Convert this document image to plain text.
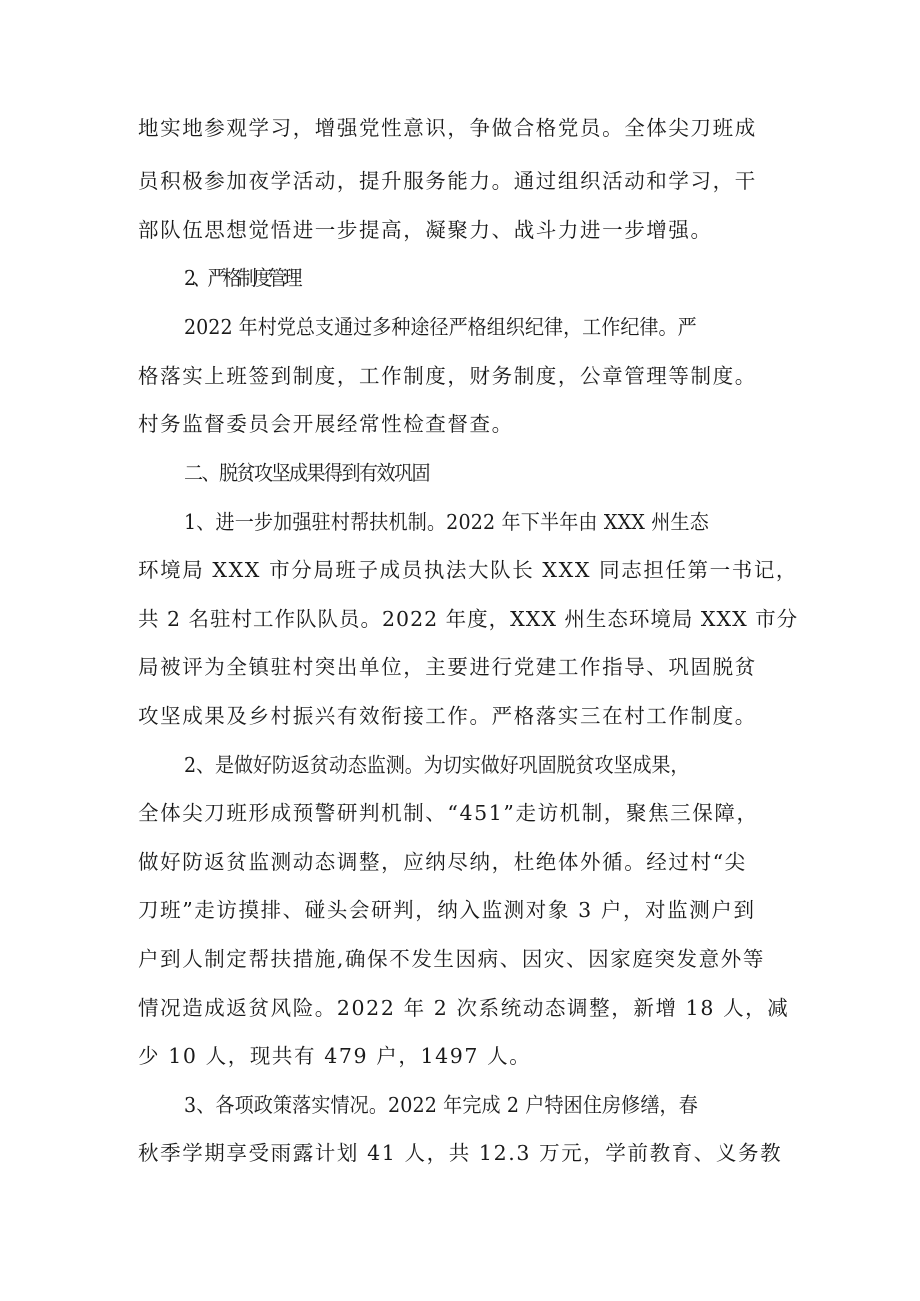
地实地参观学习，增强党性意识，争做合格党员。全体尖刀班成
员积极参加夜学活动，提升服务能力。通过组织活动和学习，干
部队伍思想觉悟进一步提高，凝聚力、战斗力进一步增强。
2、严格制度管理
2022 年村党总支通过多种途径严格组织纪律，工作纪律。严
格落实上班签到制度，工作制度，财务制度，公章管理等制度。
村务监督委员会开展经常性检查督查。
二、脱贫攻坚成果得到有效巩固
1、进一步加强驻村帮扶机制。2022 年下半年由 XXX 州生态
环境局 XXX 市分局班子成员执法大队长 XXX 同志担任第一书记，
共 2 名驻村工作队队员。2022 年度，XXX 州生态环境局 XXX 市分
局被评为全镇驻村突出单位，主要进行党建工作指导、巩固脱贫
攻坚成果及乡村振兴有效衔接工作。严格落实三在村工作制度。
2、是做好防返贫动态监测。为切实做好巩固脱贫攻坚成果，
全体尖刀班形成预警研判机制、“451”走访机制，聚焦三保障，
做好防返贫监测动态调整，应纳尽纳，杜绝体外循。经过村“尖
刀班”走访摸排、碰头会研判，纳入监测对象 3 户，对监测户到
户到人制定帮扶措施,确保不发生因病、因灾、因家庭突发意外等
情况造成返贫风险。2022 年 2 次系统动态调整，新增 18 人，减
少 10 人，现共有 479 户，1497 人。
3、各项政策落实情况。2022 年完成 2 户特困住房修缮，春
秋季学期享受雨露计划 41 人，共 12.3 万元，学前教育、义务教
